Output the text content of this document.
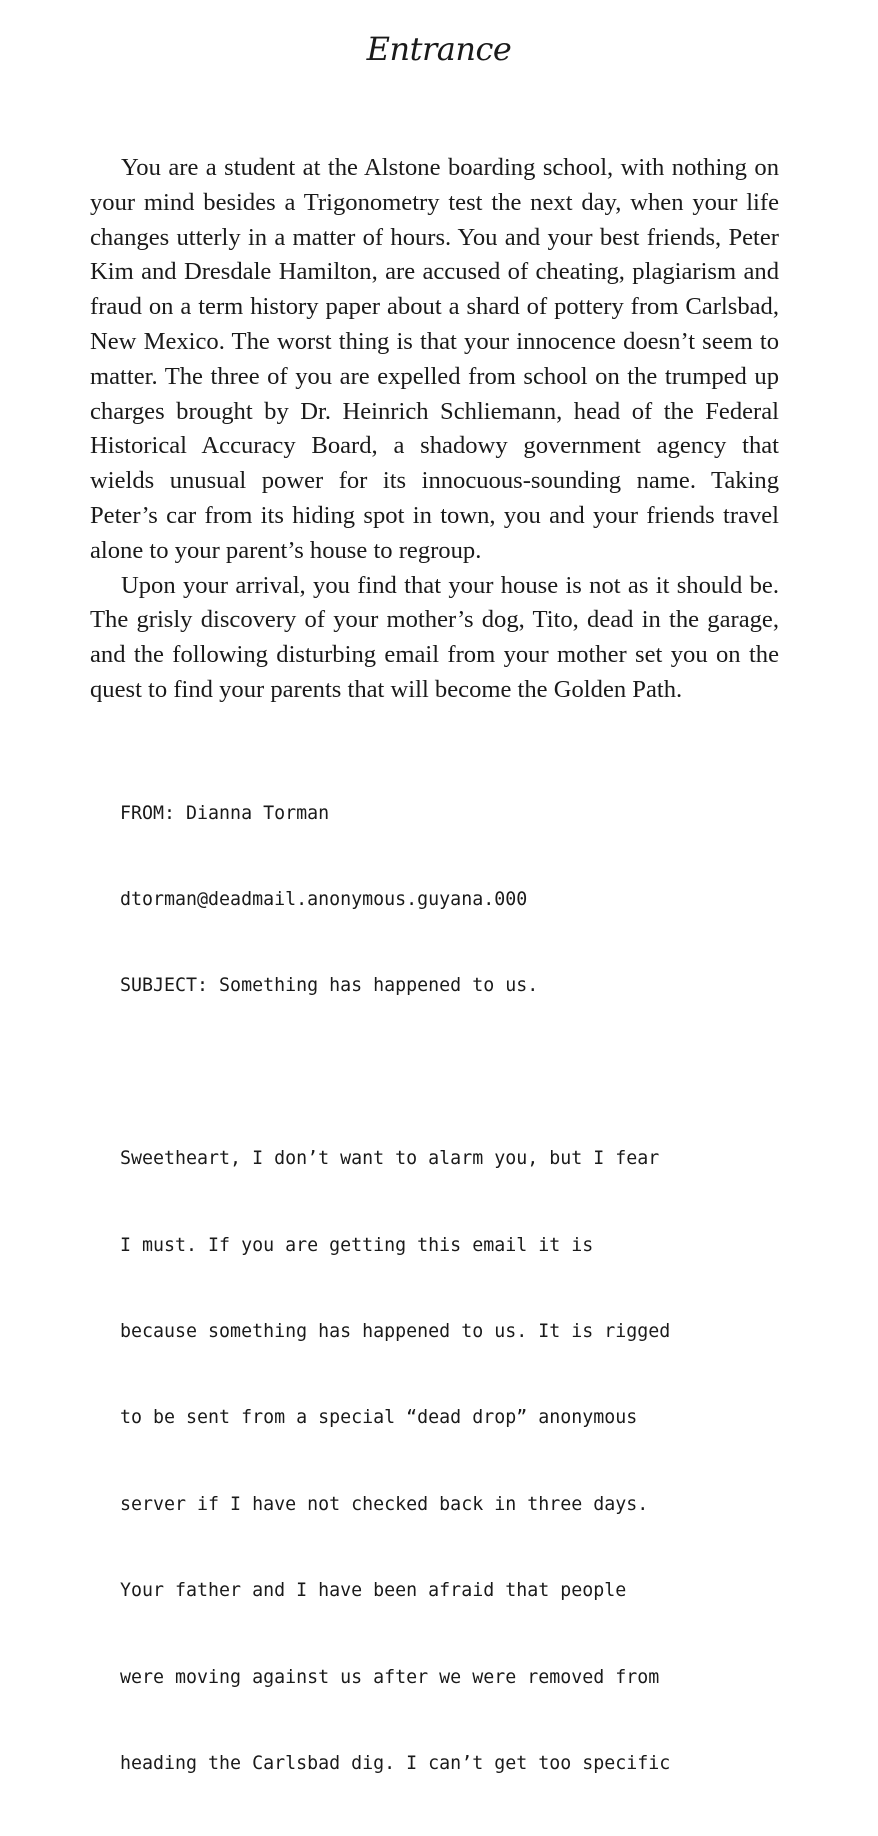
Entrance

You are a student at the Alstone boarding school, with nothing on your mind besides a Trigonometry test the next day, when your life changes utterly in a matter of hours. You and your best friends, Peter Kim and Dresdale Hamilton, are accused of cheating, plagiarism and fraud on a term history paper about a shard of pottery from Carlsbad, New Mexico. The worst thing is that your innocence doesn’t seem to matter. The three of you are expelled from school on the trumped up charges brought by Dr. Heinrich Schliemann, head of the Federal Historical Accuracy Board, a shadowy government agency that wields unusual power for its innocuous-sounding name. Taking Peter’s car from its hiding spot in town, you and your friends travel alone to your parent’s house to regroup.

Upon your arrival, you find that your house is not as it should be. The grisly discovery of your mother’s dog, Tito, dead in the garage, and the following disturbing email from your mother set you on the quest to find your parents that will become the Golden Path.

FROM: Dianna Torman

dtorman@deadmail.anonymous.guyana.000

SUBJECT: Something has happened to us.

Sweetheart, I don’t want to alarm you, but I fear

I must. If you are getting this email it is

because something has happened to us. It is rigged

to be sent from a special “dead drop” anonymous

server if I have not checked back in three days.

Your father and I have been afraid that people

were moving against us after we were removed from

heading the Carlsbad dig. I can’t get too specific
